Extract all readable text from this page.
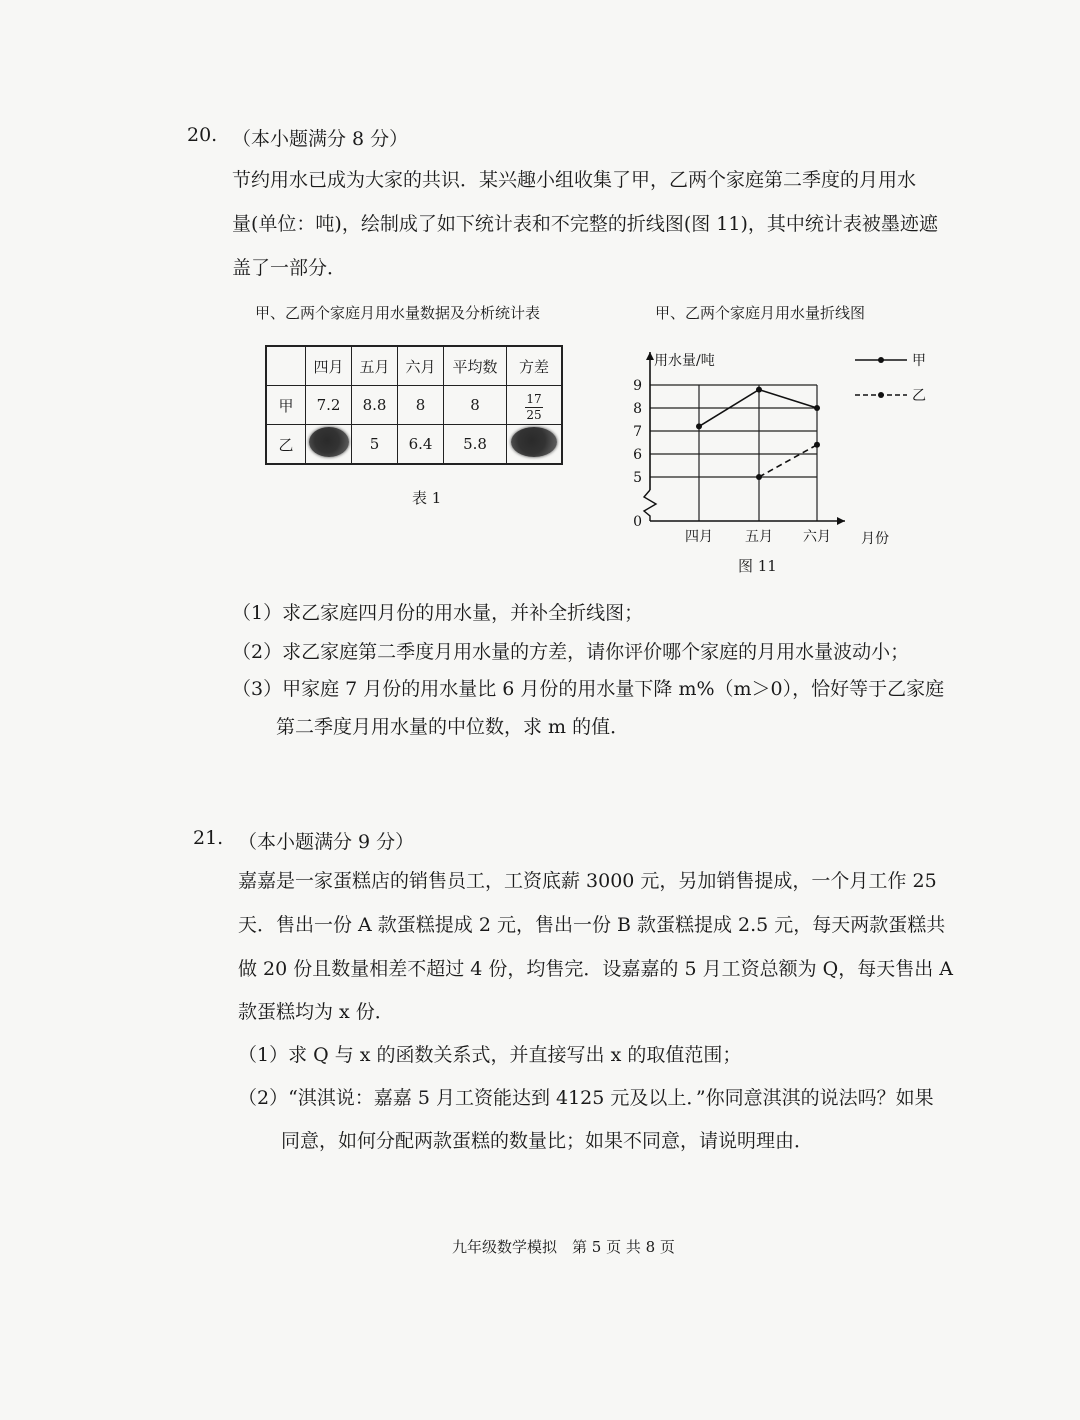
20. （本小题满分 8 分）
节约用水已成为大家的共识．某兴趣小组收集了甲，乙两个家庭第二季度的月用水
量(单位：吨)，绘制成了如下统计表和不完整的折线图(图 11)，其中统计表被墨迹遮
盖了一部分．
甲、乙两个家庭月用水量数据及分析统计表	甲、乙两个家庭月用水量折线图
	四月	五月	六月	平均数	方差
甲	7.2	8.8	8	8	$\frac{17}{25}$

乙		5	6.4	5.8	
表 1
0
5
6
7
8
9
用水量/吨
四月 五月 六月 月份
甲
乙
图 11
（1）求乙家庭四月份的用水量，并补全折线图；
（2）求乙家庭第二季度月用水量的方差，请你评价哪个家庭的月用水量波动小；
（3）甲家庭 7 月份的用水量比 6 月份的用水量下降 m%（m＞0），恰好等于乙家庭
第二季度月用水量的中位数，求 m 的值．
21. （本小题满分 9 分）
嘉嘉是一家蛋糕店的销售员工，工资底薪 3000 元，另加销售提成，一个月工作 25
天．售出一份 A 款蛋糕提成 2 元，售出一份 B 款蛋糕提成 2.5 元，每天两款蛋糕共
做 20 份且数量相差不超过 4 份，均售完．设嘉嘉的 5 月工资总额为 Q，每天售出 A
款蛋糕均为 x 份．
（1）求 Q 与 x 的函数关系式，并直接写出 x 的取值范围；
（2）“淇淇说：嘉嘉 5 月工资能达到 4125 元及以上．”你同意淇淇的说法吗？如果
同意，如何分配两款蛋糕的数量比；如果不同意，请说明理由．
九年级数学模拟　第 5 页 共 8 页
